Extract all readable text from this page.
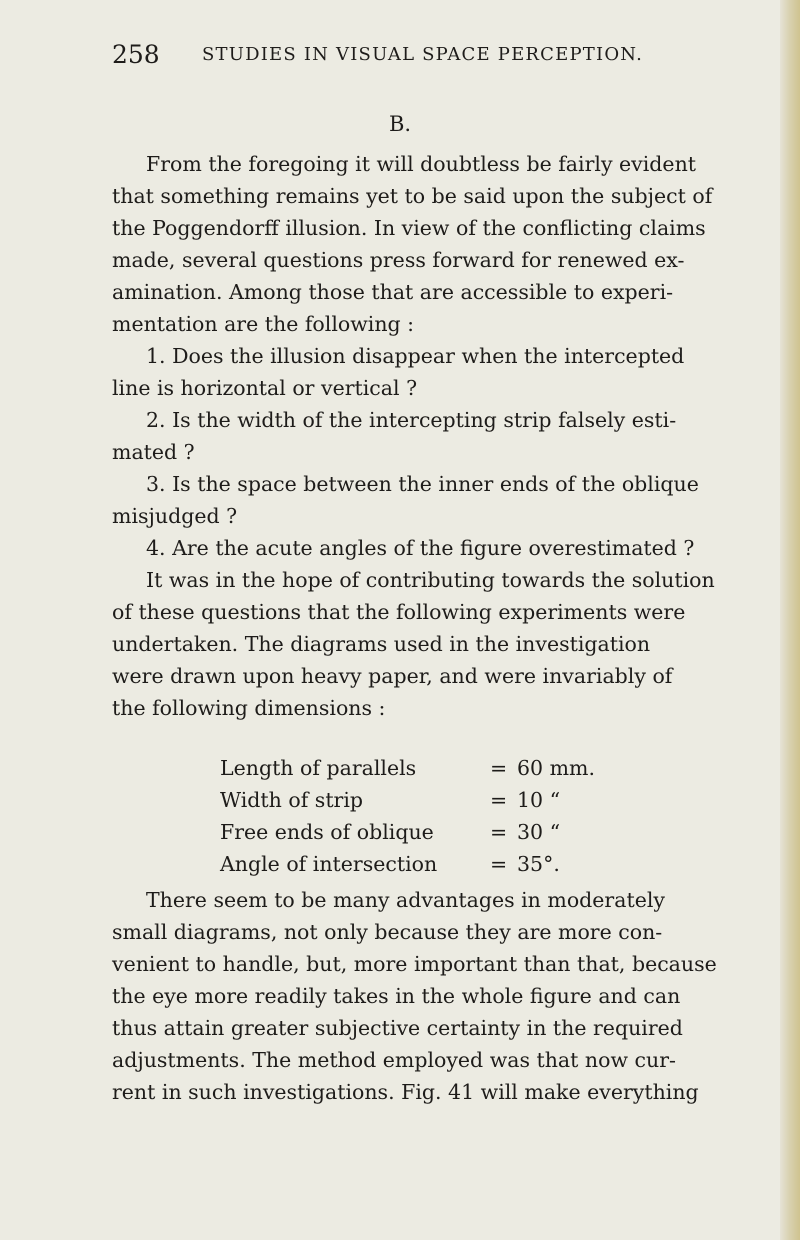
258 STUDIES IN VISUAL SPACE PERCEPTION.
B.
From the foregoing it will doubtless be fairly evident
that something remains yet to be said upon the subject of
the Poggendorff illusion. In view of the conflicting claims
made, several questions press forward for renewed ex-
amination. Among those that are accessible to experi-
mentation are the following :
1. Does the illusion disappear when the intercepted
line is horizontal or vertical ?
2. Is the width of the intercepting strip falsely esti-
mated ?
3. Is the space between the inner ends of the oblique
misjudged ?
4. Are the acute angles of the figure overestimated ?
It was in the hope of contributing towards the solution
of these questions that the following experiments were
undertaken. The diagrams used in the investigation
were drawn upon heavy paper, and were invariably of
the following dimensions :
Length of parallels	= 60 mm.
Width of strip	= 10 “
Free ends of oblique	= 30 “
Angle of intersection	= 35°.
There seem to be many advantages in moderately
small diagrams, not only because they are more con-
venient to handle, but, more important than that, because
the eye more readily takes in the whole figure and can
thus attain greater subjective certainty in the required
adjustments. The method employed was that now cur-
rent in such investigations. Fig. 41 will make everything
